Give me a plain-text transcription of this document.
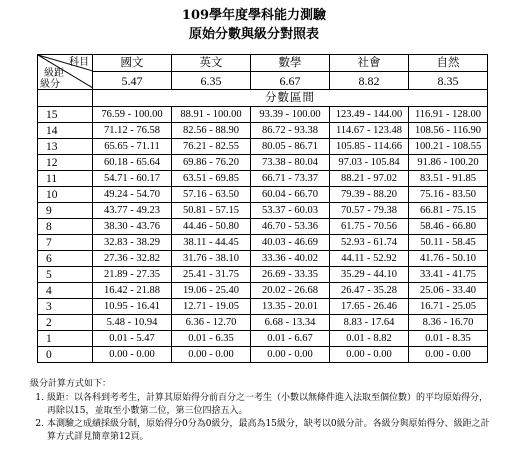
109學年度學科能力測驗
原始分數與級分對照表
科目
級距
級分	國文	英文	數學	社會	自然
	5.47	6.35	6.67	8.82	8.35
	分數區間				
15	76.59 - 100.00	88.91 - 100.00	93.39 - 100.00	123.49 - 144.00	116.91 - 128.00
14	71.12 - 76.58	82.56 - 88.90	86.72 - 93.38	114.67 - 123.48	108.56 - 116.90
13	65.65 - 71.11	76.21 - 82.55	80.05 - 86.71	105.85 - 114.66	100.21 - 108.55
12	60.18 - 65.64	69.86 - 76.20	73.38 - 80.04	97.03 - 105.84	91.86 - 100.20
11	54.71 - 60.17	63.51 - 69.85	66.71 - 73.37	88.21 - 97.02	83.51 - 91.85
10	49.24 - 54.70	57.16 - 63.50	60.04 - 66.70	79.39 - 88.20	75.16 - 83.50
9	43.77 - 49.23	50.81 - 57.15	53.37 - 60.03	70.57 - 79.38	66.81 - 75.15
8	38.30 - 43.76	44.46 - 50.80	46.70 - 53.36	61.75 - 70.56	58.46 - 66.80
7	32.83 - 38.29	38.11 - 44.45	40.03 - 46.69	52.93 - 61.74	50.11 - 58.45
6	27.36 - 32.82	31.76 - 38.10	33.36 - 40.02	44.11 - 52.92	41.76 - 50.10
5	21.89 - 27.35	25.41 - 31.75	26.69 - 33.35	35.29 - 44.10	33.41 - 41.75
4	16.42 - 21.88	19.06 - 25.40	20.02 - 26.68	26.47 - 35.28	25.06 - 33.40
3	10.95 - 16.41	12.71 - 19.05	13.35 - 20.01	17.65 - 26.46	16.71 - 25.05
2	5.48 - 10.94	6.36 - 12.70	6.68 - 13.34	8.83 - 17.64	8.36 - 16.70
1	0.01 - 5.47	0.01 - 6.35	0.01 - 6.67	0.01 - 8.82	0.01 - 8.35
0	0.00 - 0.00	0.00 - 0.00	0.00 - 0.00	0.00 - 0.00	0.00 - 0.00
級分計算方式如下：
1. 級距：以各科到考考生，計算其原始得分前百分之一考生（小數以無條件進入法取至個位數）的平均原始得分，再除以15，並取至小數第二位，第三位四捨五入。
2. 本測驗之成績採級分制，原始得分0分為0級分，最高為15級分，缺考以0級分計。各級分與原始得分、級距之計算方式詳見簡章第12頁。
